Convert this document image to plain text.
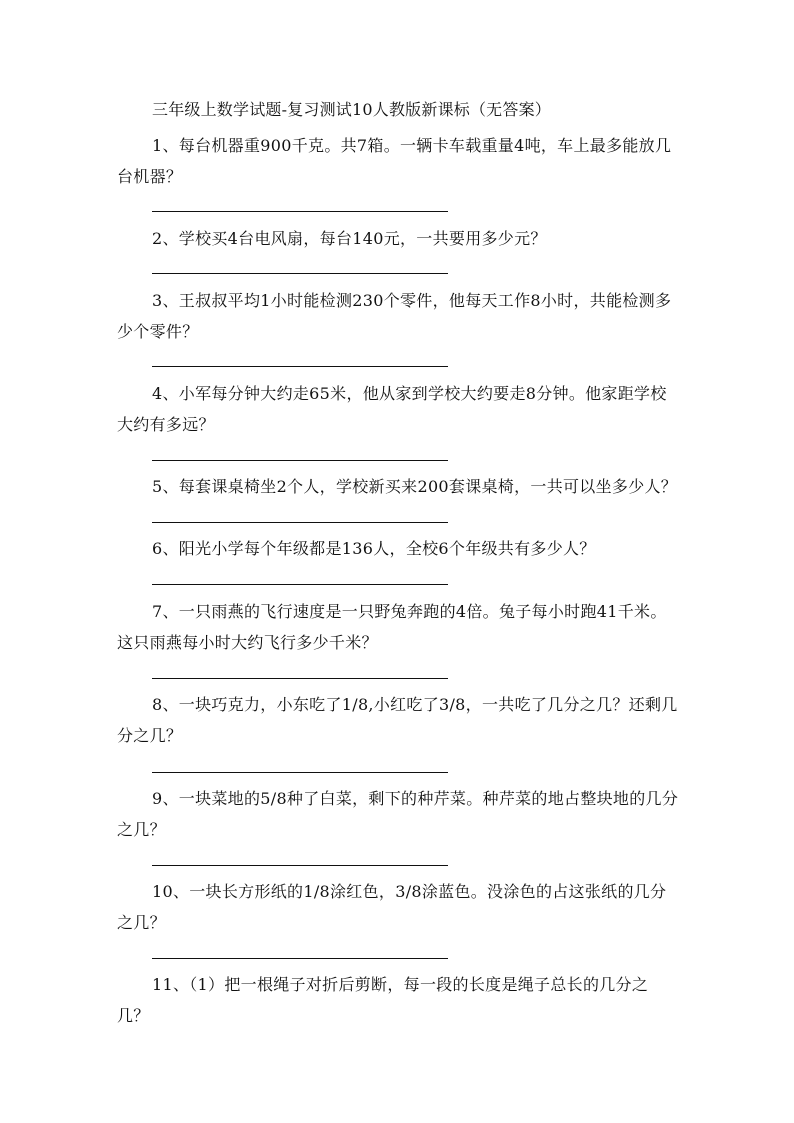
三年级上数学试题-复习测试10人教版新课标（无答案）
1、每台机器重900千克。共7箱。一辆卡车载重量4吨，车上最多能放几台机器？
2、学校买4台电风扇，每台140元，一共要用多少元？
3、王叔叔平均1小时能检测230个零件，他每天工作8小时，共能检测多少个零件？
4、小军每分钟大约走65米，他从家到学校大约要走8分钟。他家距学校大约有多远？
5、每套课桌椅坐2个人，学校新买来200套课桌椅，一共可以坐多少人？
6、阳光小学每个年级都是136人，全校6个年级共有多少人？
7、一只雨燕的飞行速度是一只野兔奔跑的4倍。兔子每小时跑41千米。这只雨燕每小时大约飞行多少千米？
8、一块巧克力，小东吃了1/8,小红吃了3/8，一共吃了几分之几？还剩几分之几？
9、一块菜地的5/8种了白菜，剩下的种芹菜。种芹菜的地占整块地的几分之几？
10、一块长方形纸的1/8涂红色，3/8涂蓝色。没涂色的占这张纸的几分之几？
11、（1）把一根绳子对折后剪断，每一段的长度是绳子总长的几分之几？
